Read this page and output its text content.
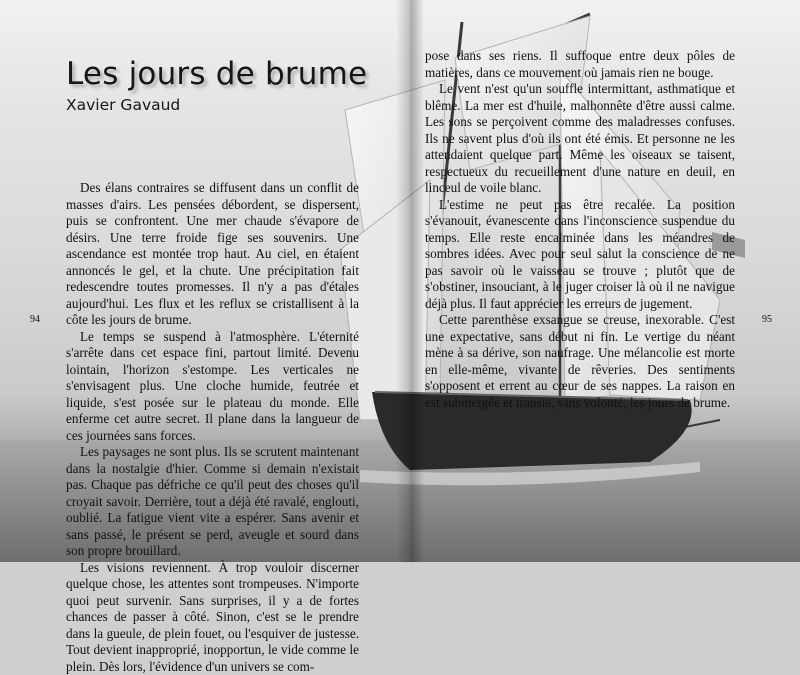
Les jours de brume
Xavier Gavaud

Des élans contraires se diffusent dans un conflit de masses d'airs. Les pensées débordent, se dispersent, puis se confrontent. Une mer chaude s'évapore de désirs. Une terre froide fige ses souvenirs. Une ascendance est montée trop haut. Au ciel, en étaient annoncés le gel, et la chute. Une précipitation fait redescendre toutes promesses. Il n'y a pas d'étales aujourd'hui. Les flux et les reflux se cristallisent à la côte les jours de brume.

Le temps se suspend à l'atmosphère. L'éternité s'arrête dans cet espace fini, partout limité. Devenu lointain, l'horizon s'estompe. Les verticales ne s'envisagent plus. Une cloche humide, feutrée et liquide, s'est posée sur le plateau du monde. Elle enferme cet autre secret. Il plane dans la langueur de ces journées sans forces.

Les paysages ne sont plus. Ils se scrutent maintenant dans la nostalgie d'hier. Comme si demain n'existait pas. Chaque pas défriche ce qu'il peut des choses qu'il croyait savoir. Derrière, tout a déjà été ravalé, englouti, oublié. La fatigue vient vite a espérer. Sans avenir et sans passé, le présent se perd, aveugle et sourd dans son propre brouillard.

Les visions reviennent. À trop vouloir discerner quelque chose, les attentes sont trompeuses. N'importe quoi peut survenir. Sans surprises, il y a de fortes chances de passer à côté. Sinon, c'est se le prendre dans la gueule, de plein fouet, ou l'esquiver de justesse. Tout devient inapproprié, inopportun, le vide comme le plein. Dès lors, l'évidence d'un univers se com-

pose dans ses riens. Il suffoque entre deux pôles de matières, dans ce mouvement où jamais rien ne bouge.

Le vent n'est qu'un souffle intermittant, asthmatique et blême. La mer est d'huile, malhonnête d'être aussi calme. Les sons se perçoivent comme des maladresses confuses. Ils ne savent plus d'où ils ont été émis. Et personne ne les attendaient quelque part. Même les oiseaux se taisent, respectueux du recueillement d'une nature en deuil, en linceul de voile blanc.

L'estime ne peut pas être recalée. La position s'évanouit, évanescente dans l'inconscience suspendue du temps. Elle reste encalminée dans les méandres de sombres idées. Avec pour seul salut la conscience de ne pas savoir où le vaisseau se trouve ; plutôt que de s'obstiner, insouciant, à le juger croiser là où il ne navigue déjà plus. Il faut apprécier les erreurs de jugement.

Cette parenthèse exsangue se creuse, inexorable. C'est une expectative, sans début ni fin. Le vertige du néant mène à sa dérive, son naufrage. Une mélancolie est morte en elle-même, vivante de rêveries. Des sentiments s'opposent et errent au cœur de ses nappes. La raison en est submergée et transie, sans volonté, les jours de brume.

94	95
